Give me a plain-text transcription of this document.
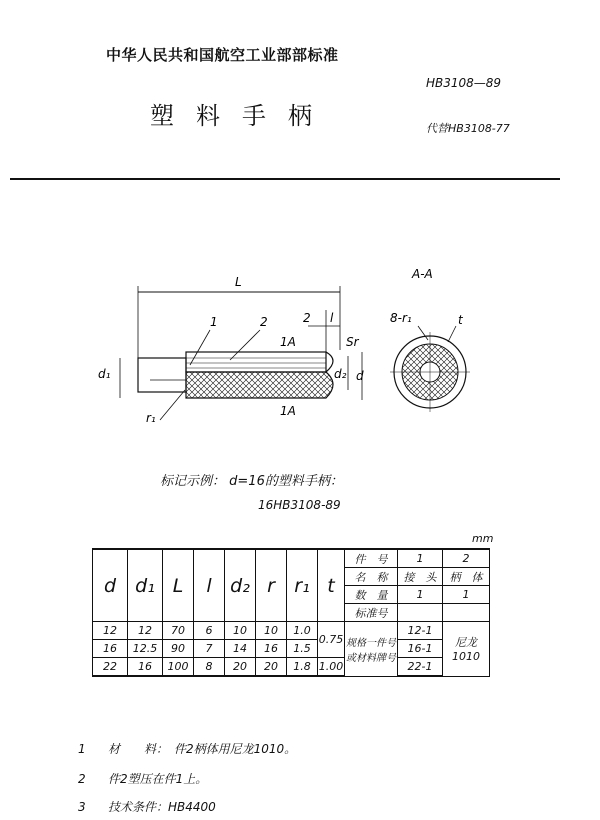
中华人民共和国航空工业部部标准
塑料手柄
HB3108—89
代替HB3108-77
L
2 l
1	2
1A
1A
d₁	d₂ d
Sr
r₁
A-A
8-r₁	t
标记示例： d=16的塑料手柄：
16HB3108-89
mm
d	d₁	L	l	d₂	r	r₁	t	件　号	1	2
								名　称	接　头	柄　体
								数　量	1	1
								标准号		
12	12	70	6	10	10	1.0	0.75	规格一件号或材料牌号	12-1	尼龙1010
16	12.5	90	7	14	16	1.5			16-1	
22	16	100	8	20	20	1.8	1.00		22-1	
1 材　　料：　件2柄体用尼龙1010。
2 件2塑压在件1上。
3 技术条件：HB4400
